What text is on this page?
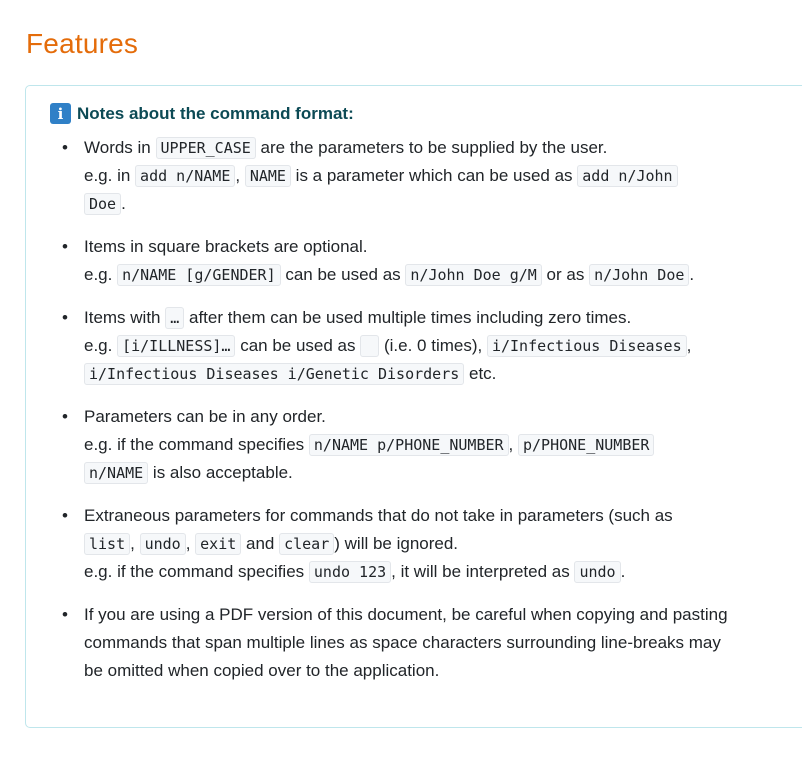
Features
i Notes about the command format:
• Words in UPPER_CASE are the parameters to be supplied by the user.
e.g. in add n/NAME , NAME is a parameter which can be used as add n/John
Doe .
• Items in square brackets are optional.
e.g. n/NAME [g/GENDER] can be used as n/John Doe g/M or as n/John Doe .
• Items with … after them can be used multiple times including zero times.
e.g. [i/ILLNESS]… can be used as   (i.e. 0 times), i/Infectious Diseases ,
i/Infectious Diseases i/Genetic Disorders etc.
• Parameters can be in any order.
e.g. if the command specifies n/NAME p/PHONE_NUMBER , p/PHONE_NUMBER
n/NAME is also acceptable.
• Extraneous parameters for commands that do not take in parameters (such as
list , undo , exit and clear ) will be ignored.
e.g. if the command specifies undo 123 , it will be interpreted as undo .
• If you are using a PDF version of this document, be careful when copying and pasting
commands that span multiple lines as space characters surrounding line-breaks may
be omitted when copied over to the application.
